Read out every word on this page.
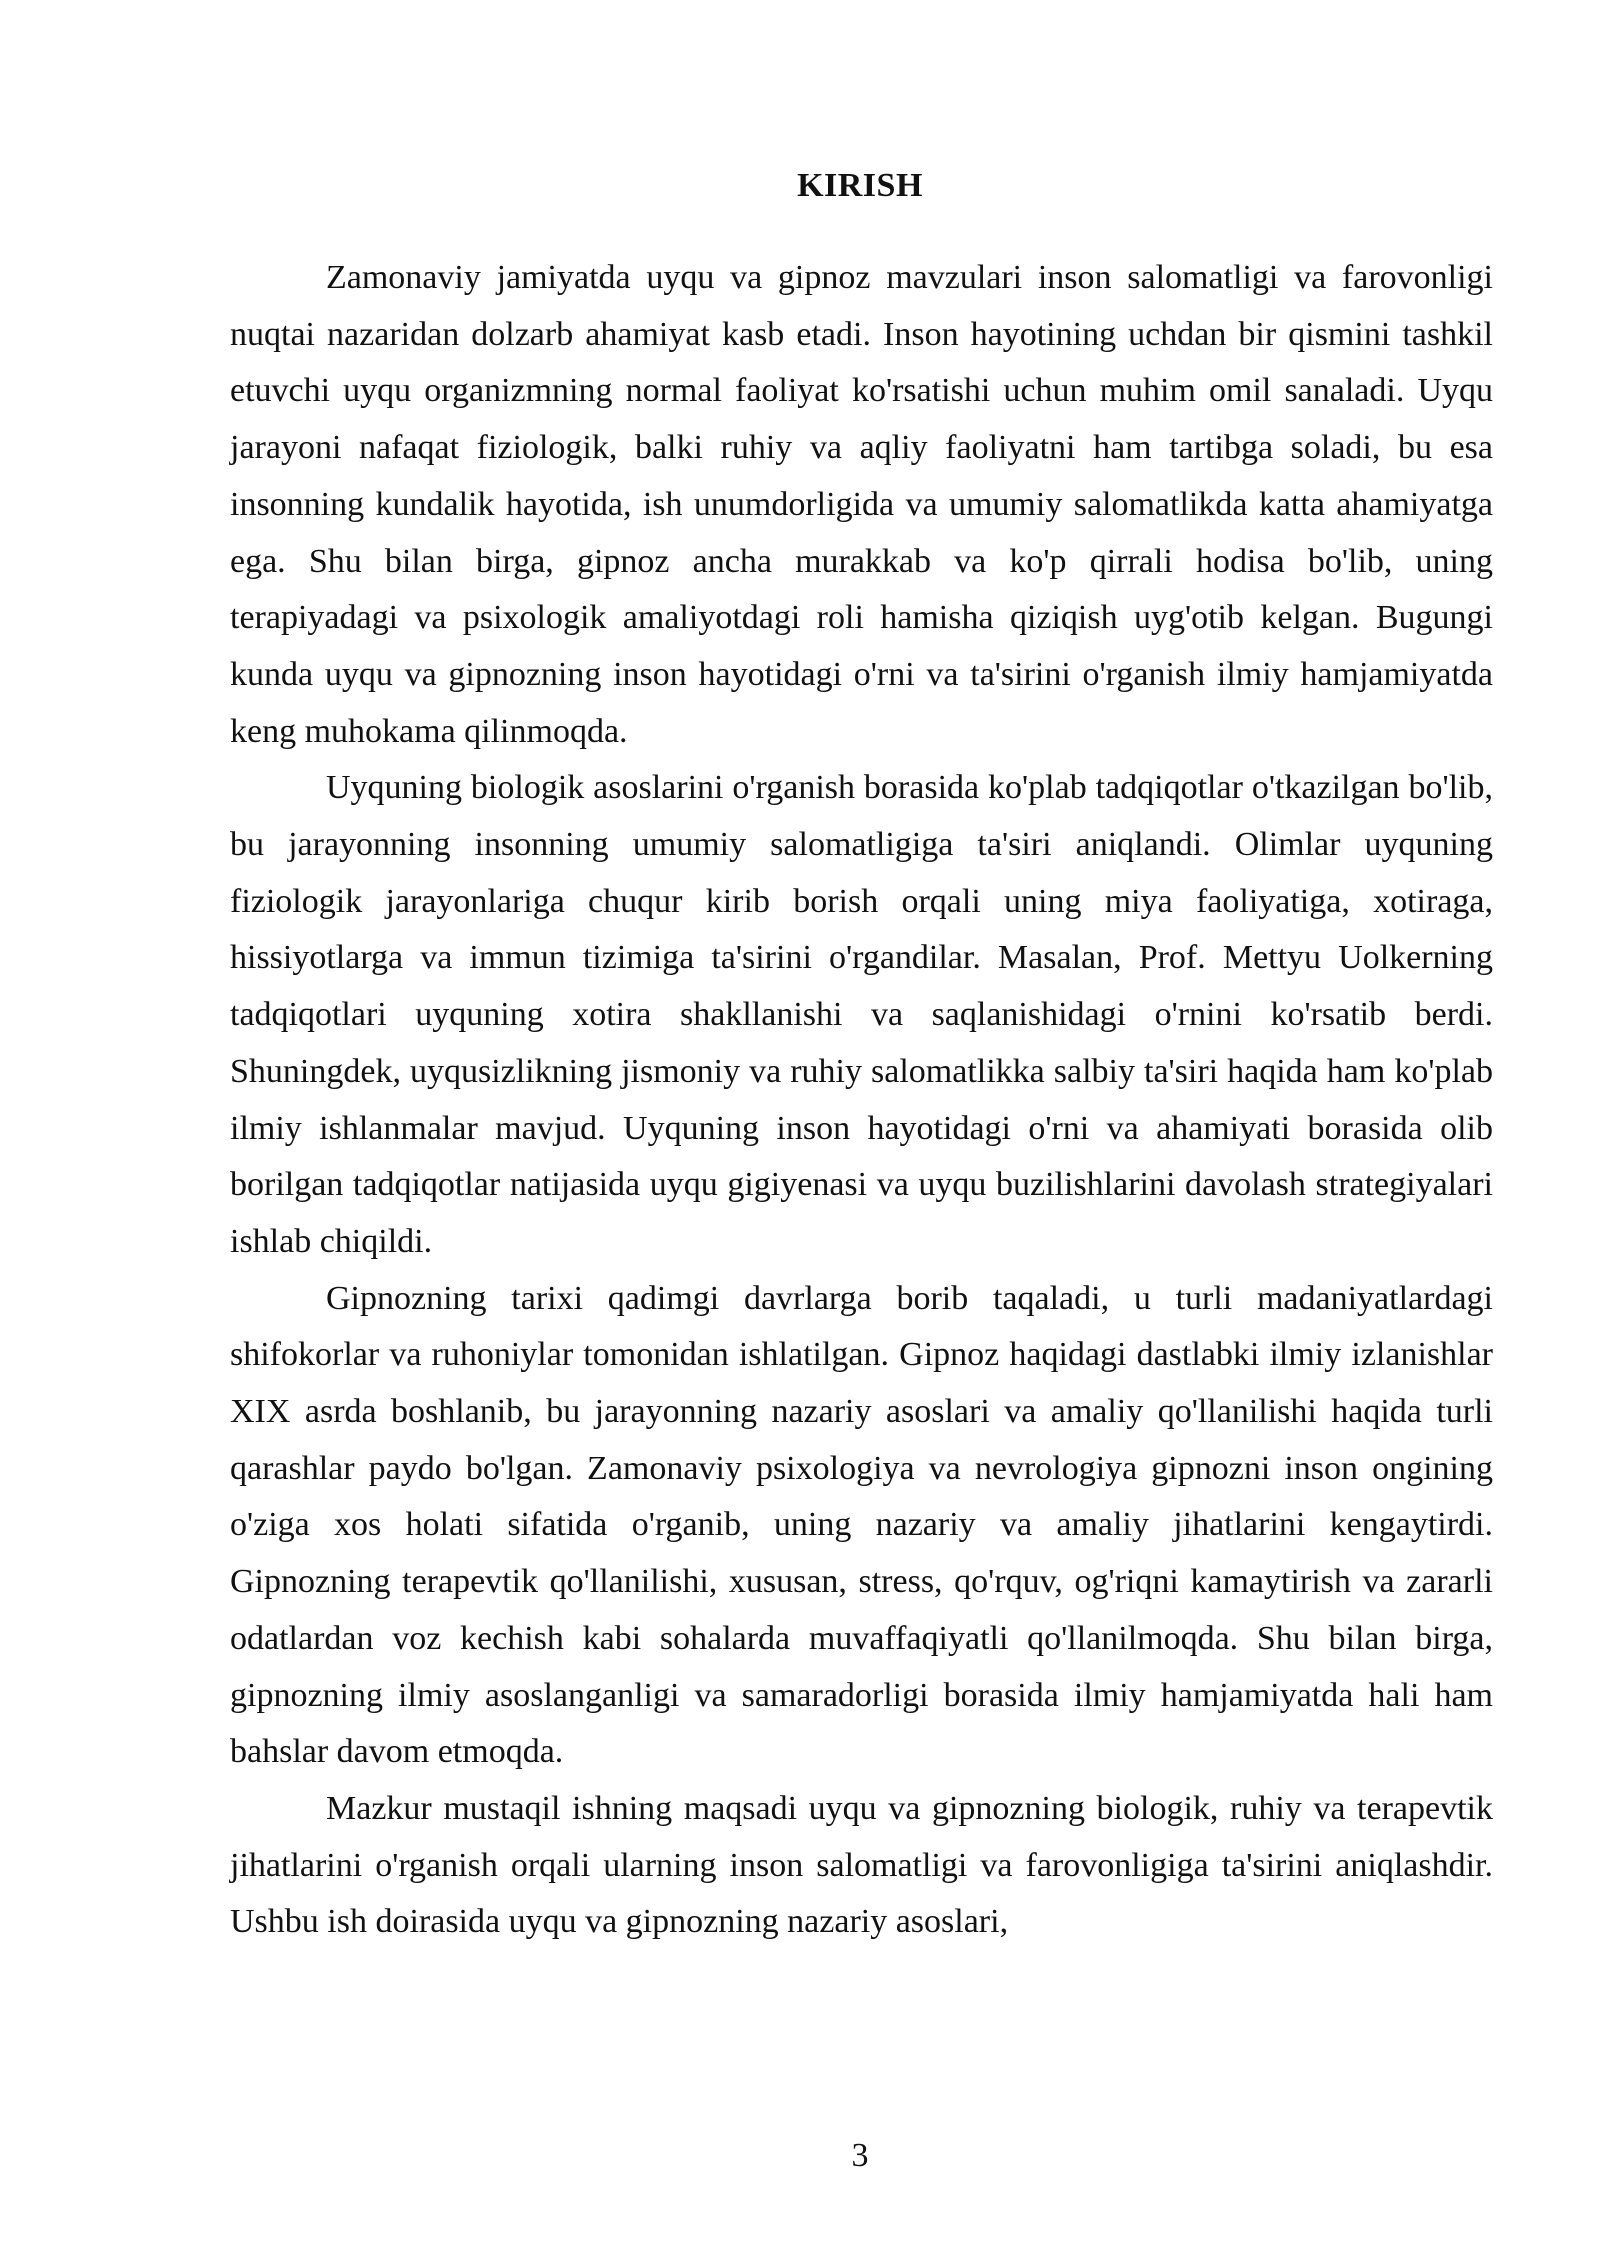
KIRISH

Zamonaviy jamiyatda uyqu va gipnoz mavzulari inson salomatligi va farovonligi nuqtai nazaridan dolzarb ahamiyat kasb etadi. Inson hayotining uchdan bir qismini tashkil etuvchi uyqu organizmning normal faoliyat ko'rsatishi uchun muhim omil sanaladi. Uyqu jarayoni nafaqat fiziologik, balki ruhiy va aqliy faoliyatni ham tartibga soladi, bu esa insonning kundalik hayotida, ish unumdorligida va umumiy salomatlikda katta ahamiyatga ega. Shu bilan birga, gipnoz ancha murakkab va ko'p qirrali hodisa bo'lib, uning terapiyadagi va psixologik amaliyotdagi roli hamisha qiziqish uyg'otib kelgan. Bugungi kunda uyqu va gipnozning inson hayotidagi o'rni va ta'sirini o'rganish ilmiy hamjamiyatda keng muhokama qilinmoqda.

Uyquning biologik asoslarini o'rganish borasida ko'plab tadqiqotlar o'tkazilgan bo'lib, bu jarayonning insonning umumiy salomatligiga ta'siri aniqlandi. Olimlar uyquning fiziologik jarayonlariga chuqur kirib borish orqali uning miya faoliyatiga, xotiraga, hissiyotlarga va immun tizimiga ta'sirini o'rgandilar. Masalan, Prof. Mettyu Uolkerning tadqiqotlari uyquning xotira shakllanishi va saqlanishidagi o'rnini ko'rsatib berdi. Shuningdek, uyqusizlikning jismoniy va ruhiy salomatlikka salbiy ta'siri haqida ham ko'plab ilmiy ishlanmalar mavjud. Uyquning inson hayotidagi o'rni va ahamiyati borasida olib borilgan tadqiqotlar natijasida uyqu gigiyenasi va uyqu buzilishlarini davolash strategiyalari ishlab chiqildi.

Gipnozning tarixi qadimgi davrlarga borib taqaladi, u turli madaniyatlardagi shifokorlar va ruhoniylar tomonidan ishlatilgan. Gipnoz haqidagi dastlabki ilmiy izlanishlar XIX asrda boshlanib, bu jarayonning nazariy asoslari va amaliy qo'llanilishi haqida turli qarashlar paydo bo'lgan. Zamonaviy psixologiya va nevrologiya gipnozni inson ongining o'ziga xos holati sifatida o'rganib, uning nazariy va amaliy jihatlarini kengaytirdi. Gipnozning terapevtik qo'llanilishi, xususan, stress, qo'rquv, og'riqni kamaytirish va zararli odatlardan voz kechish kabi sohalarda muvaffaqiyatli qo'llanilmoqda. Shu bilan birga, gipnozning ilmiy asoslanganligi va samaradorligi borasida ilmiy hamjamiyatda hali ham bahslar davom etmoqda.

Mazkur mustaqil ishning maqsadi uyqu va gipnozning biologik, ruhiy va terapevtik jihatlarini o'rganish orqali ularning inson salomatligi va farovonligiga ta'sirini aniqlashdir. Ushbu ish doirasida uyqu va gipnozning nazariy asoslari,

3
